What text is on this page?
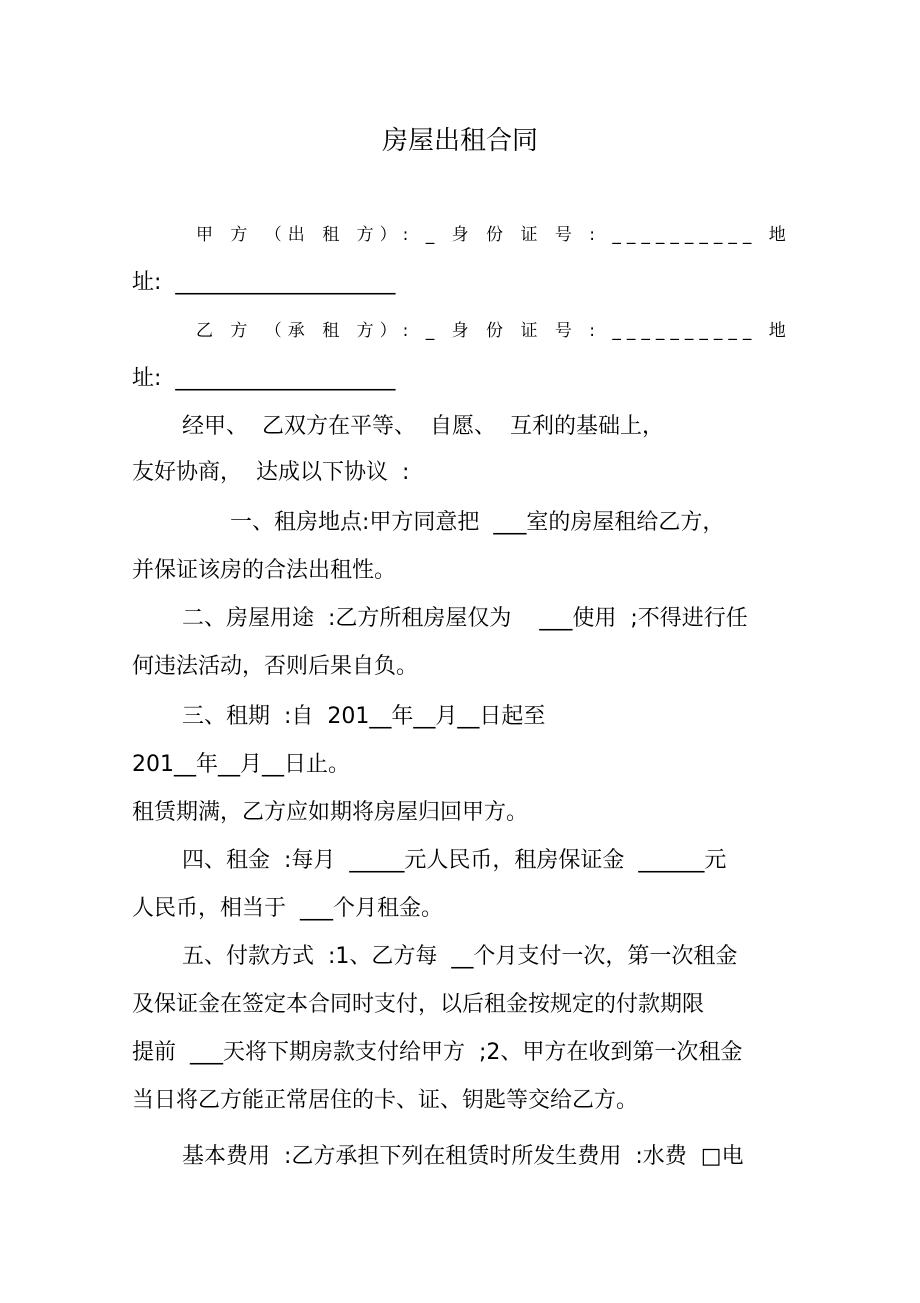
房屋出租合同
甲 方 （出 租 方）: _ 身 份 证 号 : __________ 地
址:  ____________________
乙 方 （承 租 方）: _ 身 份 证 号 : __________ 地
址:  ____________________
经甲、  乙双方在平等、  自愿、  互利的基础上，
友好协商，  达成以下协议  :
一、租房地点:甲方同意把  ___室的房屋租给乙方，
并保证该房的合法出租性。
二、房屋用途  :乙方所租房屋仅为    ___使用  ;不得进行任
何违法活动，否则后果自负。
三、租期  :自  201__年__月__日起至
201__年__月__日止。
租赁期满，乙方应如期将房屋归回甲方。
四、租金  :每月  _____元人民币，租房保证金  ______元
人民币，相当于  ___个月租金。
五、付款方式  :1、乙方每  __个月支付一次，第一次租金
及保证金在签定本合同时支付，以后租金按规定的付款期限
提前  ___天将下期房款支付给甲方  ;2、甲方在收到第一次租金
当日将乙方能正常居住的卡、证、钥匙等交给乙方。
基本费用  :乙方承担下列在租赁时所发生费用  :水费  □电
